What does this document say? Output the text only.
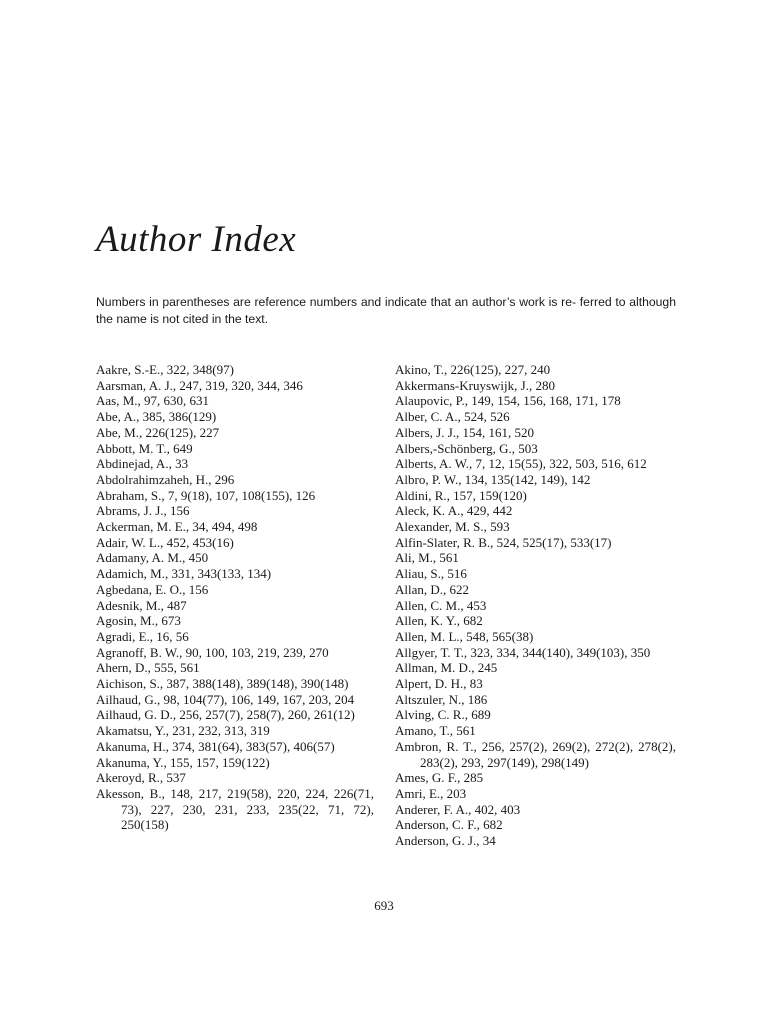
Author Index
Numbers in parentheses are reference numbers and indicate that an author’s work is re- ferred to although the name is not cited in the text.
Aakre, S.-E., 322, 348(97)
Aarsman, A. J., 247, 319, 320, 344, 346
Aas, M., 97, 630, 631
Abe, A., 385, 386(129)
Abe, M., 226(125), 227
Abbott, M. T., 649
Abdinejad, A., 33
Abdolrahimzaheh, H., 296
Abraham, S., 7, 9(18), 107, 108(155), 126
Abrams, J. J., 156
Ackerman, M. E., 34, 494, 498
Adair, W. L., 452, 453(16)
Adamany, A. M., 450
Adamich, M., 331, 343(133, 134)
Agbedana, E. O., 156
Adesnik, M., 487
Agosin, M., 673
Agradi, E., 16, 56
Agranoff, B. W., 90, 100, 103, 219, 239, 270
Ahern, D., 555, 561
Aichison, S., 387, 388(148), 389(148), 390(148)
Ailhaud, G., 98, 104(77), 106, 149, 167, 203, 204
Ailhaud, G. D., 256, 257(7), 258(7), 260, 261(12)
Akamatsu, Y., 231, 232, 313, 319
Akanuma, H., 374, 381(64), 383(57), 406(57)
Akanuma, Y., 155, 157, 159(122)
Akeroyd, R., 537
Akesson, B., 148, 217, 219(58), 220, 224, 226(71, 73), 227, 230, 231, 233, 235(22, 71, 72), 250(158)
Akino, T., 226(125), 227, 240
Akkermans-Kruyswijk, J., 280
Alaupovic, P., 149, 154, 156, 168, 171, 178
Alber, C. A., 524, 526
Albers, J. J., 154, 161, 520
Albers,-Schönberg, G., 503
Alberts, A. W., 7, 12, 15(55), 322, 503, 516, 612
Albro, P. W., 134, 135(142, 149), 142
Aldini, R., 157, 159(120)
Aleck, K. A., 429, 442
Alexander, M. S., 593
Alfin-Slater, R. B., 524, 525(17), 533(17)
Ali, M., 561
Aliau, S., 516
Allan, D., 622
Allen, C. M., 453
Allen, K. Y., 682
Allen, M. L., 548, 565(38)
Allgyer, T. T., 323, 334, 344(140), 349(103), 350
Allman, M. D., 245
Alpert, D. H., 83
Altszuler, N., 186
Alving, C. R., 689
Amano, T., 561
Ambron, R. T., 256, 257(2), 269(2), 272(2), 278(2), 283(2), 293, 297(149), 298(149)
Ames, G. F., 285
Amri, E., 203
Anderer, F. A., 402, 403
Anderson, C. F., 682
Anderson, G. J., 34
693
